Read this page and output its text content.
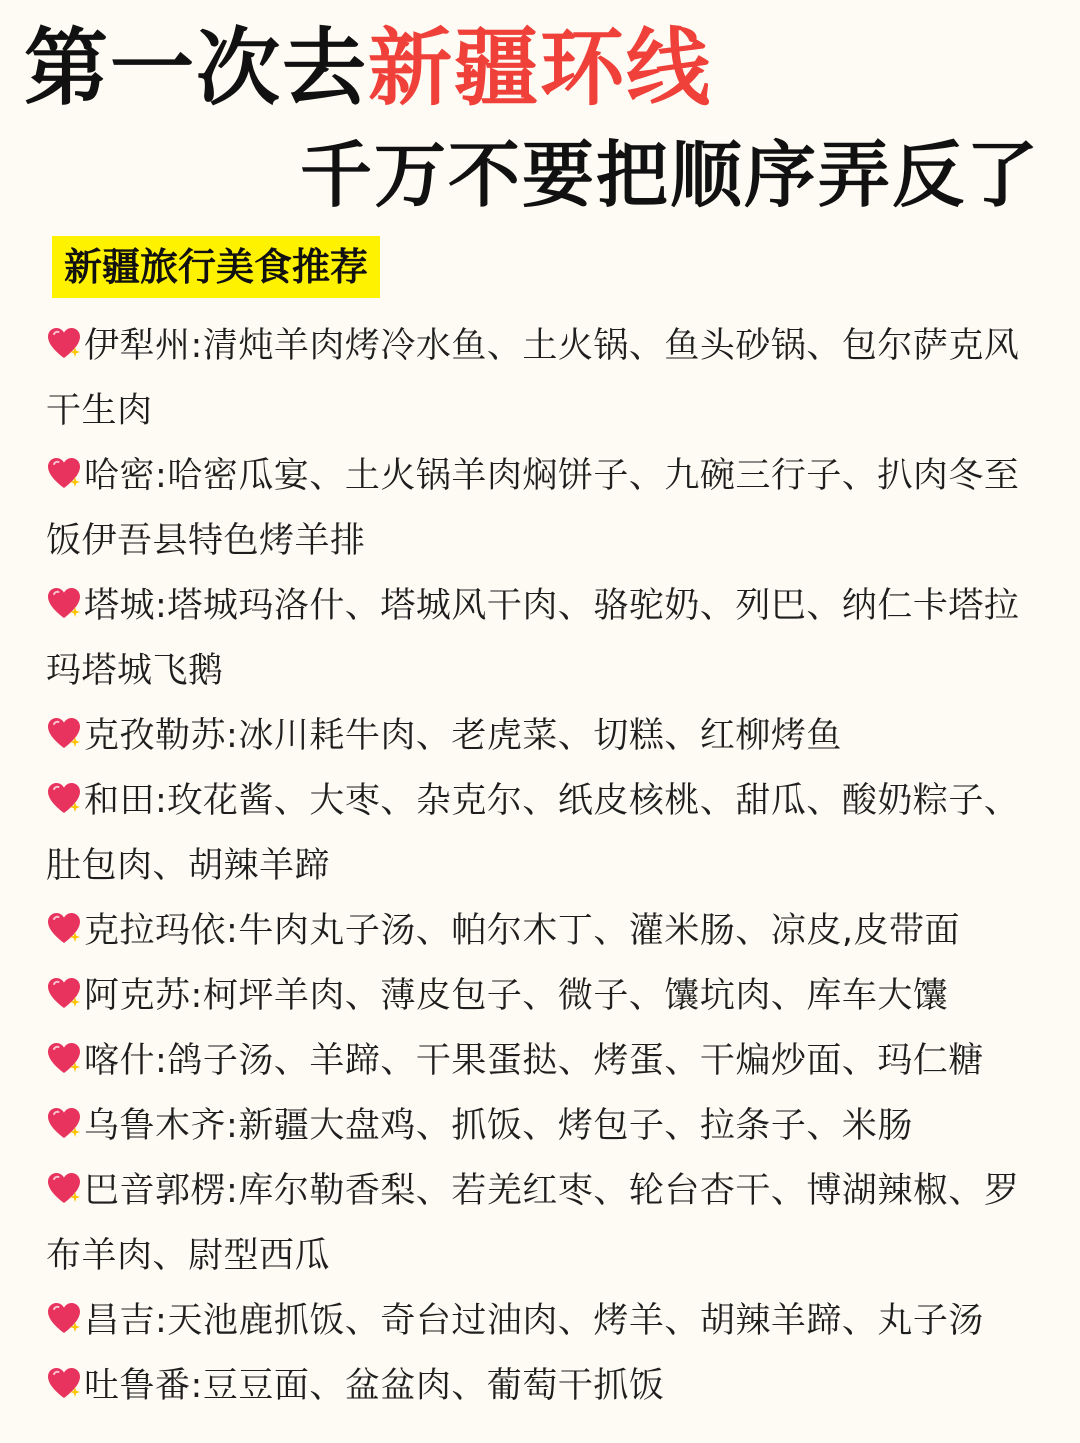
第一次去新疆环线
千万不要把顺序弄反了
新疆旅行美食推荐
伊犁州:清炖羊肉烤冷水鱼、土火锅、鱼头砂锅、包尔萨克风干生肉
哈密:哈密瓜宴、土火锅羊肉焖饼子、九碗三行子、扒肉冬至饭伊吾县特色烤羊排
塔城:塔城玛洛什、塔城风干肉、骆驼奶、列巴、纳仁卡塔拉玛塔城飞鹅
克孜勒苏:冰川耗牛肉、老虎菜、切糕、红柳烤鱼
和田:玫花酱、大枣、杂克尔、纸皮核桃、甜瓜、酸奶粽子、肚包肉、胡辣羊蹄
克拉玛依:牛肉丸子汤、帕尔木丁、灌米肠、凉皮,皮带面
阿克苏:柯坪羊肉、薄皮包子、微子、馕坑肉、库车大馕
喀什:鸽子汤、羊蹄、干果蛋挞、烤蛋、干煸炒面、玛仁糖
乌鲁木齐:新疆大盘鸡、抓饭、烤包子、拉条子、米肠
巴音郭楞:库尔勒香梨、若羌红枣、轮台杏干、博湖辣椒、罗布羊肉、尉型西瓜
昌吉:天池鹿抓饭、奇台过油肉、烤羊、胡辣羊蹄、丸子汤
吐鲁番:豆豆面、盆盆肉、葡萄干抓饭
